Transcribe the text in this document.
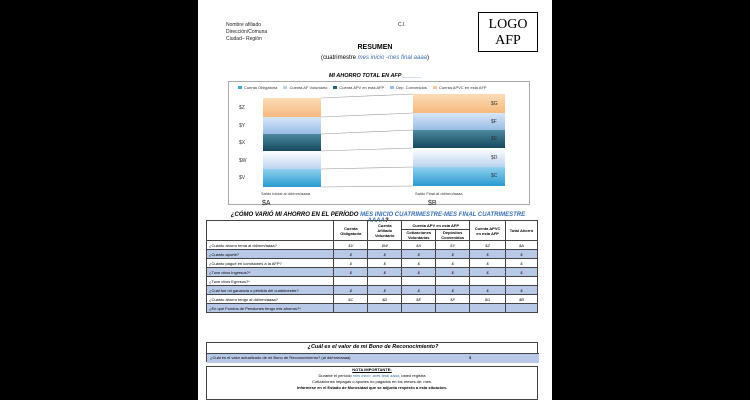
Nombre afiliado
Dirección/Comuna
Ciudad– Región
C.I.	LOGO
AFP
RESUMEN
(cuatrimestre mes inicio -mes final aaaa)
MI AHORRO TOTAL EN AFP ______
Cuenta Obligatoria	Cuenta AF Voluntario	Cuenta APV en esta AFP	Dep. Convenidos	Cuenta APVC en esta AFP
$Z
$Y
$X
$W
$V
$G
$F
$E
$D
$C
Saldo inicial al dd/mm/aaaa	Saldo Final al dd/mm/aaaa
$A	$B
¿CÓMO VARIÓ MI AHORRO EN EL PERÍODO MES INICIO CUATRIMESTRE-MES FINAL CUATRIMESTRE AAAA?
	Cuenta Obligatoria	Cuenta Afiliado Voluntario	Cuenta APV en esta AFP		Cuenta APVC en esta AFP	Total Ahorro
			Cotizaciones Voluntarias	Depósitos Convenidos		
¿Cuánto ahorro tenía al dd/mm/aaaa?	$V	$W	$X	$Y	$Z	$A
¿Cuánto aporté?	$	$	$	$	$	$
¿Cuánto pagué en comisiones a la AFP?	$	$	$	$	$	$
¿Tuve otros Ingresos?*	$	$	$	$	$	$
¿Tuve otros Egresos?*						
¿Cuál fue mi ganancia o pérdida del cuatrimestre?	$	$	$	$	$	$
¿Cuánto ahorro tengo al dd/mm/aaaa?	$C	$D	$E	$F	$G	$B
¿En qué Fondos de Pensiones tengo mis ahorros?*						
¿Cuál es el valor de mi Bono de Reconocimiento?
¿Cuál es el valor actualizado de mi Bono de Reconocimiento? (al dd/mm/aaaa)	$
NOTA IMPORTANTE:
Durante el período mes inicio -mes final aaaa, usted registra
Cotizaciones impagas o aportes no pagados en los meses de: mes.
Infórmese en el Estado de Morosidad que se adjunta respecto a esta situación.
